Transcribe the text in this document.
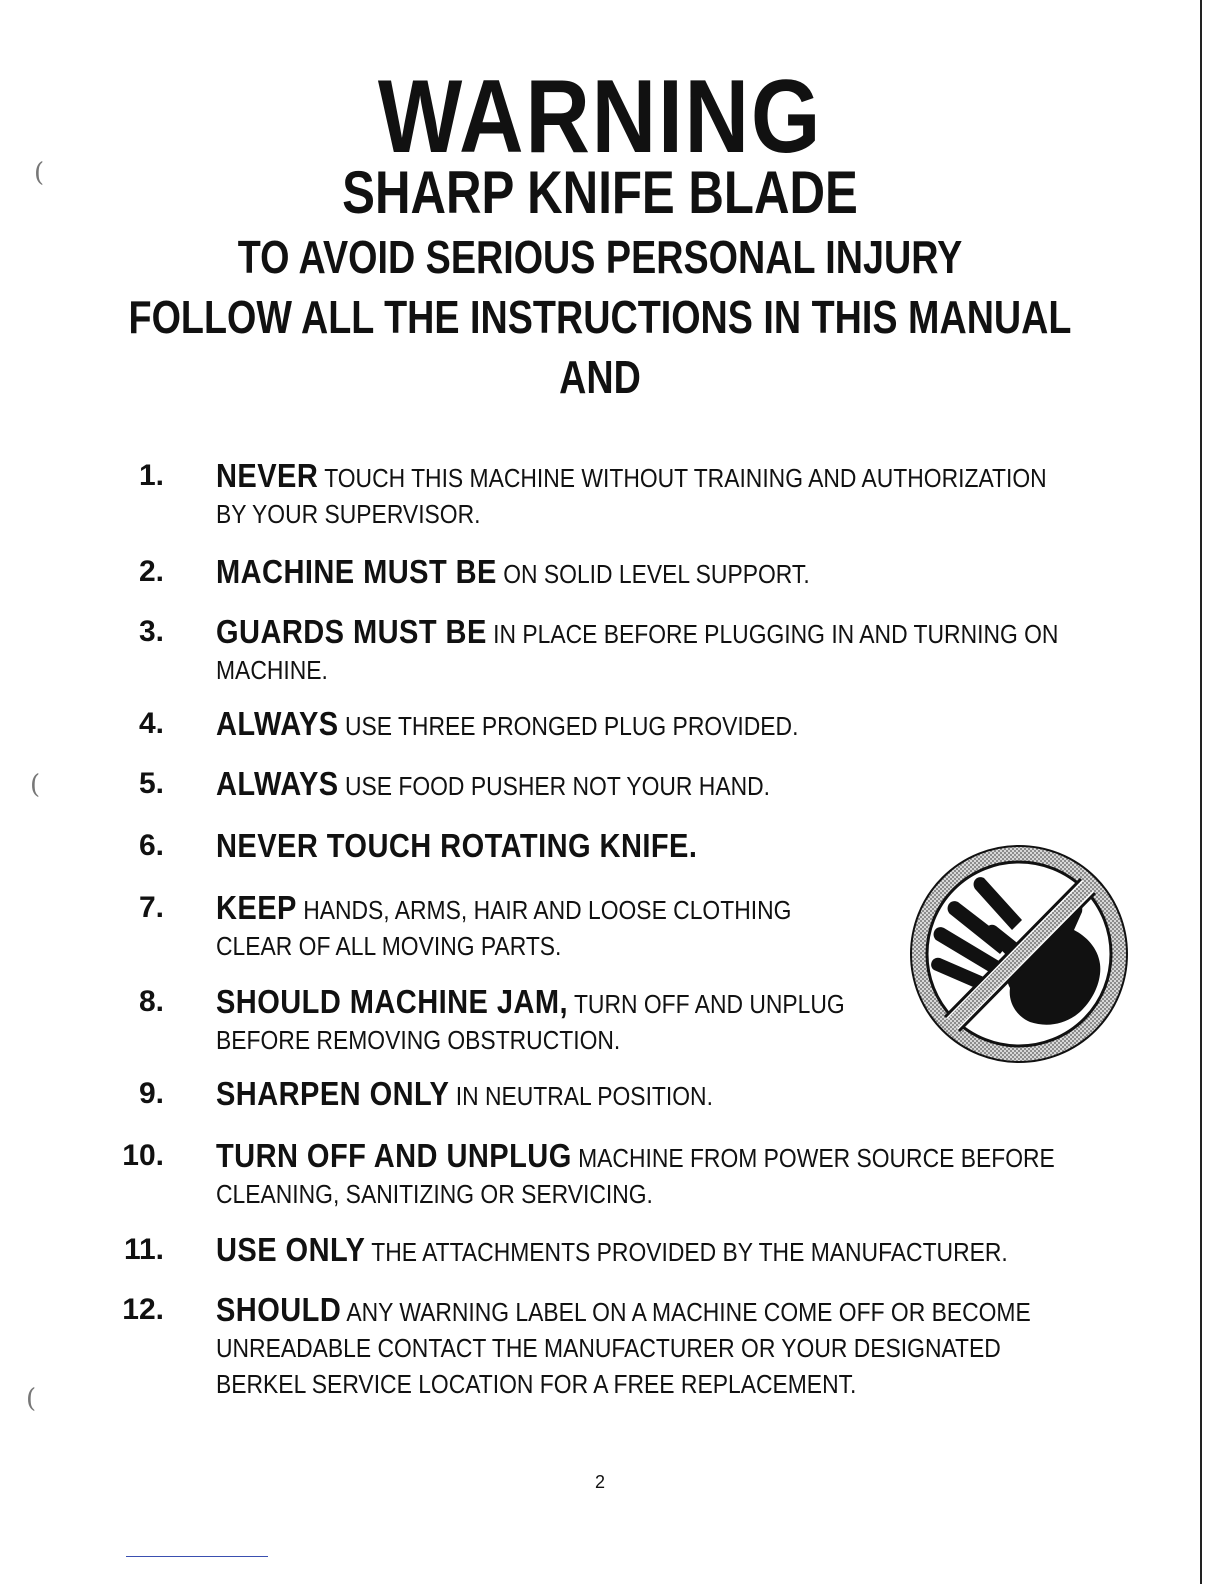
(
(
(
WARNING
SHARP KNIFE BLADE
TO AVOID SERIOUS PERSONAL INJURY
FOLLOW ALL THE INSTRUCTIONS IN THIS MANUAL
AND
1. NEVER TOUCH THIS MACHINE WITHOUT TRAINING AND AUTHORIZATION
BY YOUR SUPERVISOR.
2. MACHINE MUST BE ON SOLID LEVEL SUPPORT.
3. GUARDS MUST BE IN PLACE BEFORE PLUGGING IN AND TURNING ON
MACHINE.
4. ALWAYS USE THREE PRONGED PLUG PROVIDED.
5. ALWAYS USE FOOD PUSHER NOT YOUR HAND.
6. NEVER TOUCH ROTATING KNIFE.
7. KEEP HANDS, ARMS, HAIR AND LOOSE CLOTHING
CLEAR OF ALL MOVING PARTS.
8. SHOULD MACHINE JAM, TURN OFF AND UNPLUG
BEFORE REMOVING OBSTRUCTION.
9. SHARPEN ONLY IN NEUTRAL POSITION.
10. TURN OFF AND UNPLUG MACHINE FROM POWER SOURCE BEFORE
CLEANING, SANITIZING OR SERVICING.
11. USE ONLY THE ATTACHMENTS PROVIDED BY THE MANUFACTURER.
12. SHOULD ANY WARNING LABEL ON A MACHINE COME OFF OR BECOME
UNREADABLE CONTACT THE MANUFACTURER OR YOUR DESIGNATED
BERKEL SERVICE LOCATION FOR A FREE REPLACEMENT.
2
